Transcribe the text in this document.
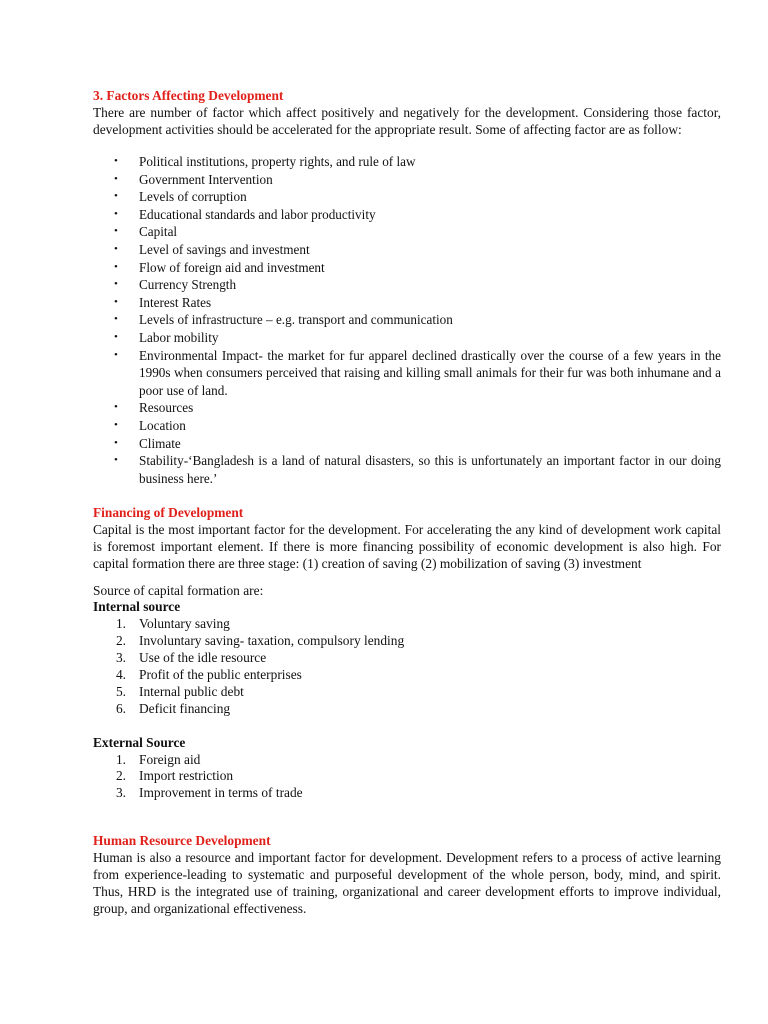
3. Factors Affecting Development

There are number of factor which affect positively and negatively for the development. Considering those factor, development activities should be accelerated for the appropriate result. Some of affecting factor are as follow:

• Political institutions, property rights, and rule of law
• Government Intervention
• Levels of corruption
• Educational standards and labor productivity
• Capital
• Level of savings and investment
• Flow of foreign aid and investment
• Currency Strength
• Interest Rates
• Levels of infrastructure – e.g. transport and communication
• Labor mobility
• Environmental Impact- the market for fur apparel declined drastically over the course of a few years in the 1990s when consumers perceived that raising and killing small animals for their fur was both inhumane and a poor use of land.
• Resources
• Location
• Climate
• Stability-‘Bangladesh is a land of natural disasters, so this is unfortunately an important factor in our doing business here.’

Financing of Development

Capital is the most important factor for the development. For accelerating the any kind of development work capital is foremost important element. If there is more financing possibility of economic development is also high. For capital formation there are three stage: (1) creation of saving (2) mobilization of saving (3) investment

Source of capital formation are:

Internal source

1. Voluntary saving
2. Involuntary saving- taxation, compulsory lending
3. Use of the idle resource
4. Profit of the public enterprises
5. Internal public debt
6. Deficit financing

External Source

1. Foreign aid
2. Import restriction
3. Improvement in terms of trade

Human Resource Development

Human is also a resource and important factor for development. Development refers to a process of active learning from experience-leading to systematic and purposeful development of the whole person, body, mind, and spirit. Thus, HRD is the integrated use of training, organizational and career development efforts to improve individual, group, and organizational effectiveness.
